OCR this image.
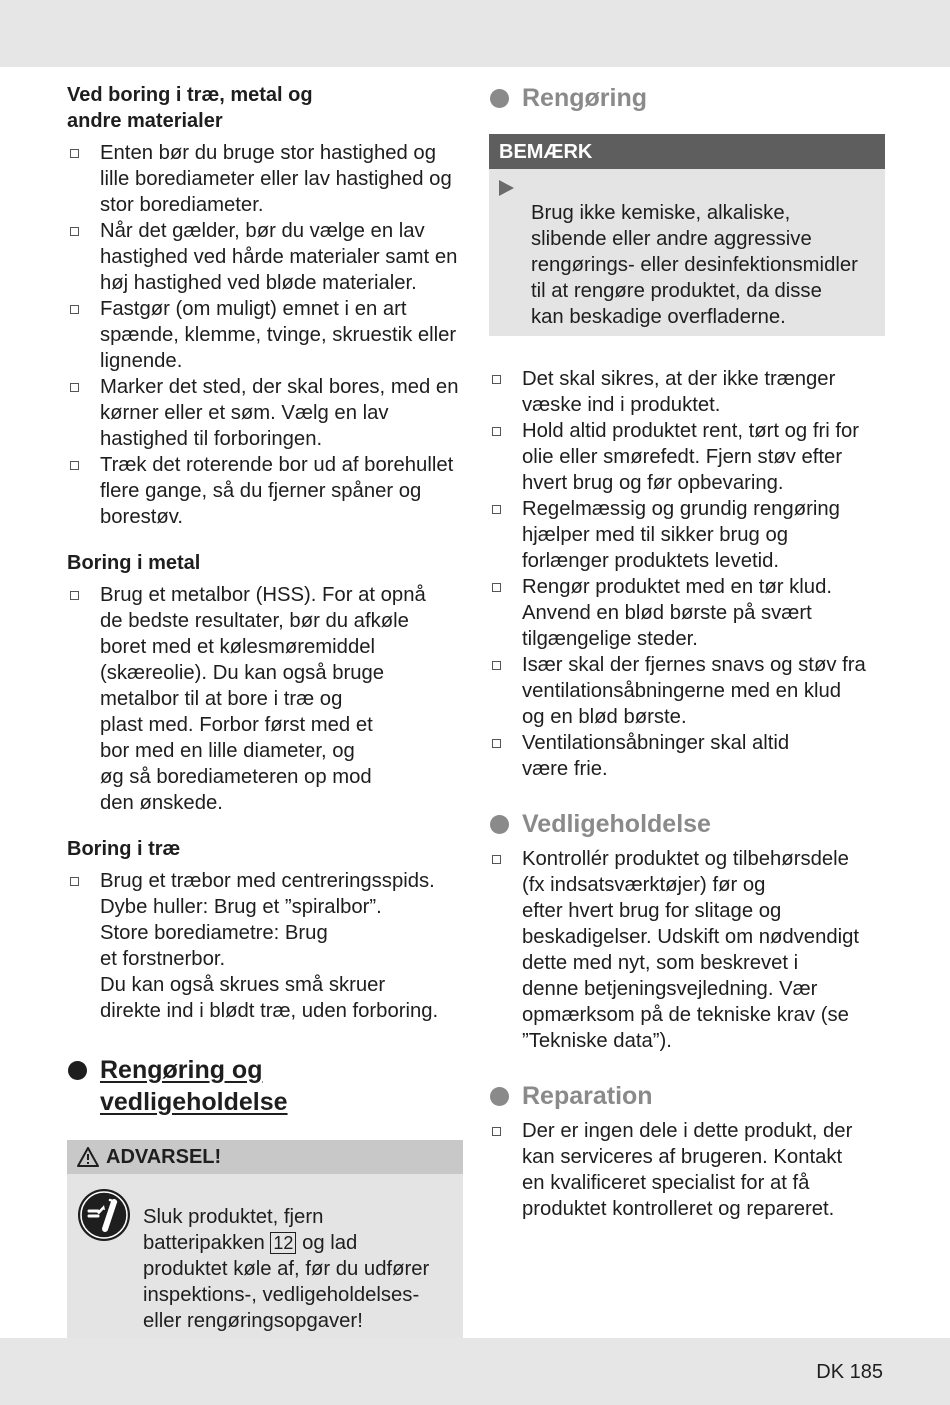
Ved boring i træ, metal og
andre materialer

Enten bør du bruge stor hastighed og lille borediameter eller lav hastighed og stor borediameter.
Når det gælder, bør du vælge en lav hastighed ved hårde materialer samt en høj hastighed ved bløde materialer.
Fastgør (om muligt) emnet i en art spænde, klemme, tvinge, skruestik eller lignende.
Marker det sted, der skal bores, med en kørner eller et søm. Vælg en lav hastighed til forboringen.
Træk det roterende bor ud af borehullet flere gange, så du fjerner spåner og borestøv.

Boring i metal

Brug et metalbor (HSS). For at opnå
de bedste resultater, bør du afkøle
boret med et kølesmøremiddel
(skæreolie). Du kan også bruge
metalbor til at bore i træ og
plast med. Forbor først med et
bor med en lille diameter, og
øg så borediameteren op mod
den ønskede.

Boring i træ

Brug et træbor med centreringsspids.
Dybe huller: Brug et ”spiralbor”.
Store borediametre: Brug
et forstnerbor.
Du kan også skrues små skruer
direkte ind i blødt træ, uden forboring.
Rengøring og
vedligeholdelse
ADVARSEL!

Sluk produktet, fjern
batteripakken 12 og lad
produktet køle af, før du udfører
inspektions-, vedligeholdelses-
eller rengøringsopgaver!

Rengøring
BEMÆRK

Brug ikke kemiske, alkaliske,
slibende eller andre aggressive
rengørings- eller desinfektionsmidler
til at rengøre produktet, da disse
kan beskadige overfladerne.

Det skal sikres, at der ikke trænger
væske ind i produktet.
Hold altid produktet rent, tørt og fri for
olie eller smørefedt. Fjern støv efter
hvert brug og før opbevaring.
Regelmæssig og grundig rengøring
hjælper med til sikker brug og
forlænger produktets levetid.
Rengør produktet med en tør klud.
Anvend en blød børste på svært
tilgængelige steder.
Især skal der fjernes snavs og støv fra
ventilationsåbningerne med en klud
og en blød børste.
Ventilationsåbninger skal altid
være frie.
Vedligeholdelse
Kontrollér produktet og tilbehørsdele
(fx indsatsværktøjer) før og
efter hvert brug for slitage og
beskadigelser. Udskift om nødvendigt
dette med nyt, som beskrevet i
denne betjeningsvejledning. Vær
opmærksom på de tekniske krav (se
”Tekniske data”).
Reparation
Der er ingen dele i dette produkt, der
kan serviceres af brugeren. Kontakt
en kvalificeret specialist for at få
produktet kontrolleret og repareret.
DK 185
